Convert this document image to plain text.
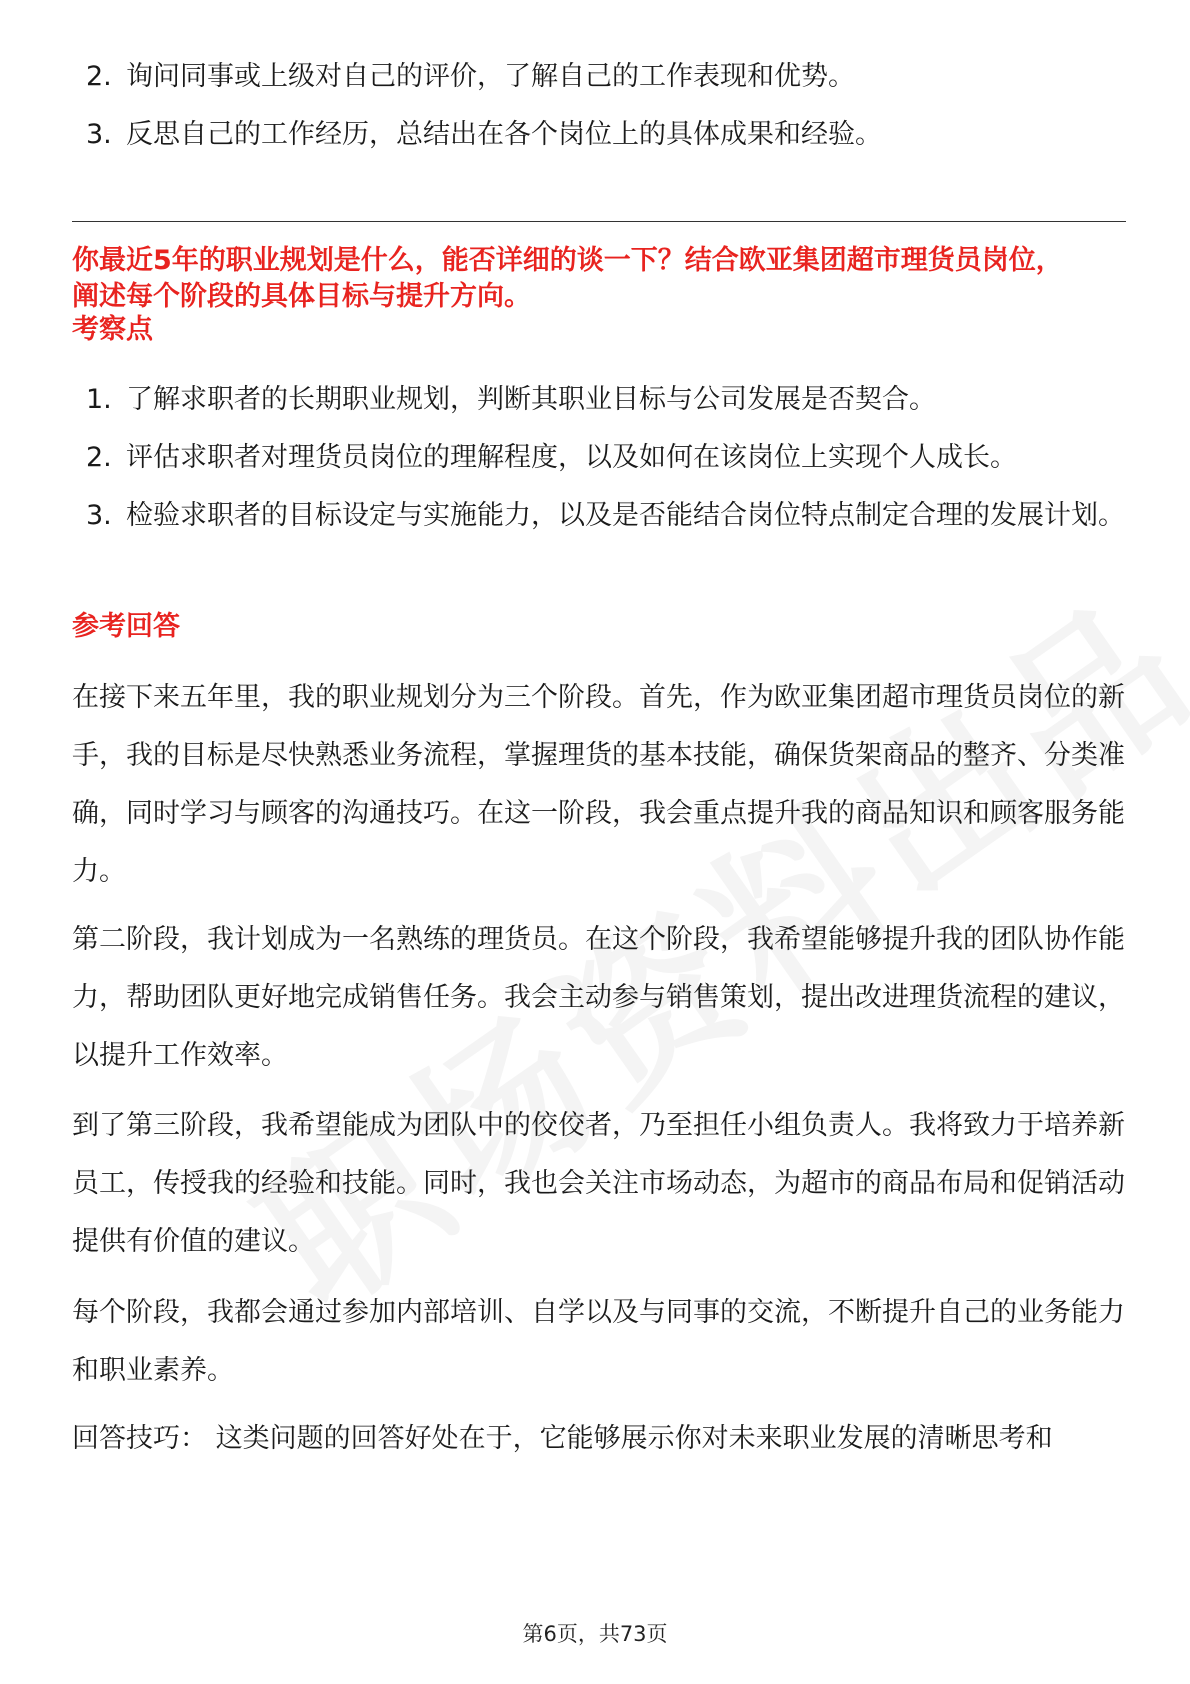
2. 询问同事或上级对自己的评价，了解自己的工作表现和优势。
3. 反思自己的工作经历，总结出在各个岗位上的具体成果和经验。

你最近5年的职业规划是什么，能否详细的谈一下？结合欧亚集团超市理货员岗位，阐述每个阶段的具体目标与提升方向。

考察点
1. 了解求职者的长期职业规划，判断其职业目标与公司发展是否契合。
2. 评估求职者对理货员岗位的理解程度，以及如何在该岗位上实现个人成长。
3. 检验求职者的目标设定与实施能力，以及是否能结合岗位特点制定合理的发展计划。
参考回答

在接下来五年里，我的职业规划分为三个阶段。首先，作为欧亚集团超市理货员岗位的新手，我的目标是尽快熟悉业务流程，掌握理货的基本技能，确保货架商品的整齐、分类准确，同时学习与顾客的沟通技巧。在这一阶段，我会重点提升我的商品知识和顾客服务能力。

第二阶段，我计划成为一名熟练的理货员。在这个阶段，我希望能够提升我的团队协作能力，帮助团队更好地完成销售任务。我会主动参与销售策划，提出改进理货流程的建议，以提升工作效率。

到了第三阶段，我希望能成为团队中的佼佼者，乃至担任小组负责人。我将致力于培养新员工，传授我的经验和技能。同时，我也会关注市场动态，为超市的商品布局和促销活动提供有价值的建议。

每个阶段，我都会通过参加内部培训、自学以及与同事的交流，不断提升自己的业务能力和职业素养。

回答技巧： 这类问题的回答好处在于，它能够展示你对未来职业发展的清晰思考和

第6页，共73页
